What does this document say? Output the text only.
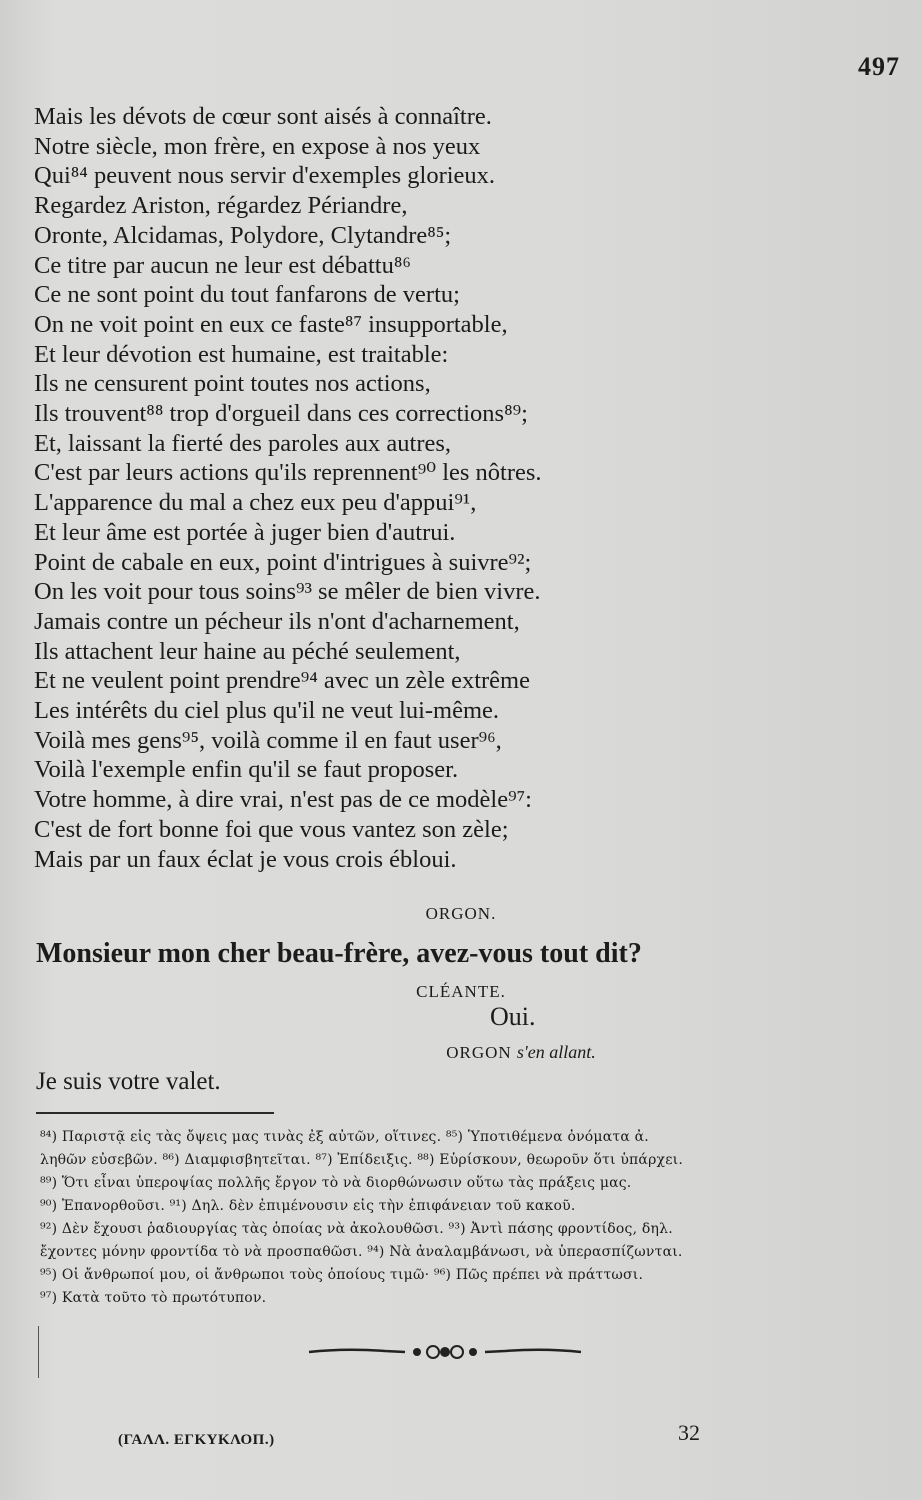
497
Mais les dévots de cœur sont aisés à connaître.
Notre siècle, mon frère, en expose à nos yeux
Qui⁸⁴ peuvent nous servir d'exemples glorieux.
Regardez Ariston, régardez Périandre,
Oronte, Alcidamas, Polydore, Clytandre⁸⁵;
Ce titre par aucun ne leur est débattu⁸⁶
Ce ne sont point du tout fanfarons de vertu;
On ne voit point en eux ce faste⁸⁷ insupportable,
Et leur dévotion est humaine, est traitable:
Ils ne censurent point toutes nos actions,
Ils trouvent⁸⁸ trop d'orgueil dans ces corrections⁸⁹;
Et, laissant la fierté des paroles aux autres,
C'est par leurs actions qu'ils reprennent⁹⁰ les nôtres.
L'apparence du mal a chez eux peu d'appui⁹¹,
Et leur âme est portée à juger bien d'autrui.
Point de cabale en eux, point d'intrigues à suivre⁹²;
On les voit pour tous soins⁹³ se mêler de bien vivre.
Jamais contre un pécheur ils n'ont d'acharnement,
Ils attachent leur haine au péché seulement,
Et ne veulent point prendre⁹⁴ avec un zèle extrême
Les intérêts du ciel plus qu'il ne veut lui-même.
Voilà mes gens⁹⁵, voilà comme il en faut user⁹⁶,
Voilà l'exemple enfin qu'il se faut proposer.
Votre homme, à dire vrai, n'est pas de ce modèle⁹⁷:
C'est de fort bonne foi que vous vantez son zèle;
Mais par un faux éclat je vous crois ébloui.
ORGON.
Monsieur mon cher beau-frère, avez-vous tout dit?
CLÉANTE.
Oui.
ORGON s'en allant.
Je suis votre valet.
⁸⁴) Παριστᾷ εἰς τὰς ὄψεις μας τινὰς ἐξ αὐτῶν, οἵτινες. ⁸⁵) Ὑποτιθέμενα ὀνόματα ἀ.
ληθῶν εὐσεβῶν. ⁸⁶) Διαμφισβητεῖται. ⁸⁷) Ἐπίδειξις. ⁸⁸) Εὑρίσκουν, θεωροῦν ὅτι ὑπάρχει.
⁸⁹) Ὅτι εἶναι ὑπεροψίας πολλῆς ἔργον τὸ νὰ διορθώνωσιν οὕτω τὰς πράξεις μας.
⁹⁰) Ἐπανορθοῦσι. ⁹¹) Δηλ. δὲν ἐπιμένουσιν εἰς τὴν ἐπιφάνειαν τοῦ κακοῦ.
⁹²) Δὲν ἔχουσι ῥαδιουργίας τὰς ὁποίας νὰ ἀκολουθῶσι. ⁹³) Ἀντὶ πάσης φροντίδος, δηλ.
ἔχοντες μόνην φροντίδα τὸ νὰ προσπαθῶσι. ⁹⁴) Νὰ ἀναλαμβάνωσι, νὰ ὑπερασπίζωνται.
⁹⁵) Οἱ ἄνθρωποί μου, οἱ ἄνθρωποι τοὺς ὁποίους τιμῶ· ⁹⁶) Πῶς πρέπει νὰ πράττωσι.
⁹⁷) Κατὰ τοῦτο τὸ πρωτότυπον.
(ΓΑΛΛ. ΕΓΚΥΚΛΟΠ.)	32
